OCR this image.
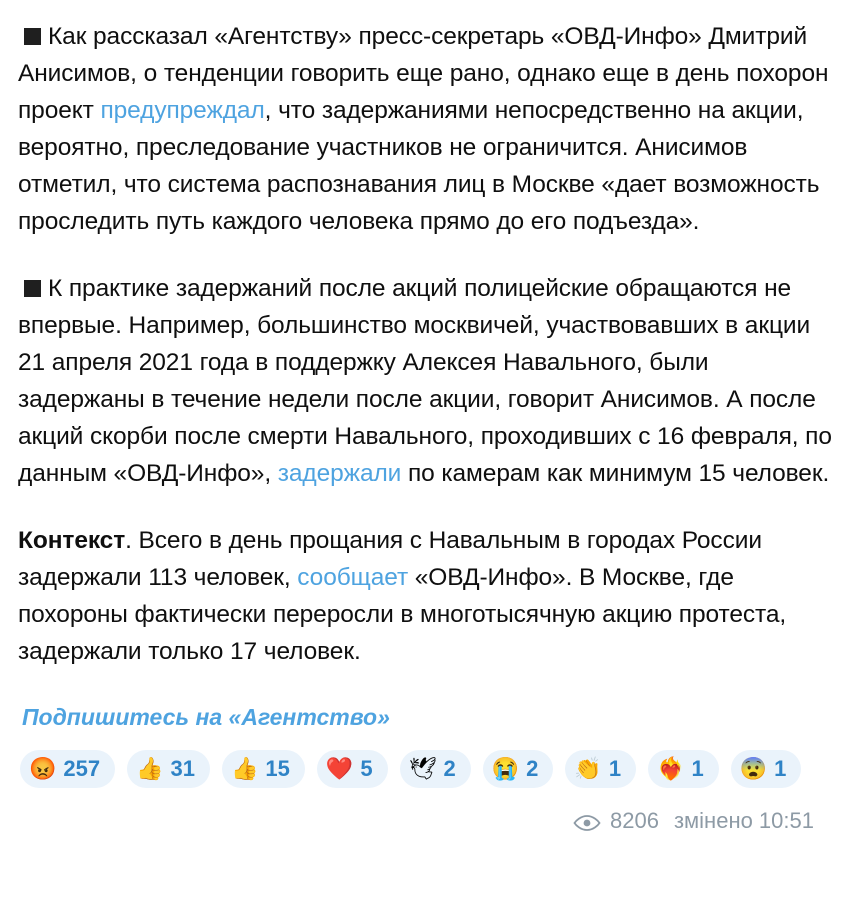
Как рассказал «Агентству» пресс-секретарь «ОВД-Инфо» Дмитрий Анисимов, о тенденции говорить еще рано, однако еще в день похорон проект предупреждал, что задержаниями непосредственно на акции, вероятно, преследование участников не ограничится. Анисимов отметил, что система распознавания лиц в Москве «дает возможность проследить путь каждого человека прямо до его подъезда».
К практике задержаний после акций полицейские обращаются не впервые. Например, большинство москвичей, участвовавших в акции 21 апреля 2021 года в поддержку Алексея Навального, были задержаны в течение недели после акции, говорит Анисимов. А после акций скорби после смерти Навального, проходивших с 16 февраля, по данным «ОВД-Инфо», задержали по камерам как минимум 15 человек.
Контекст. Всего в день прощания с Навальным в городах России задержали 113 человек, сообщает «ОВД-Инфо». В Москве, где похороны фактически переросли в многотысячную акцию протеста, задержали только 17 человек.
Подпишитесь на «Агентство»
😡 257 👍 31 👍 15 ❤️ 5 🕊 2 😭 2 👏 1 ❤️‍🔥 1 😨 1
8206 змінено 10:51
